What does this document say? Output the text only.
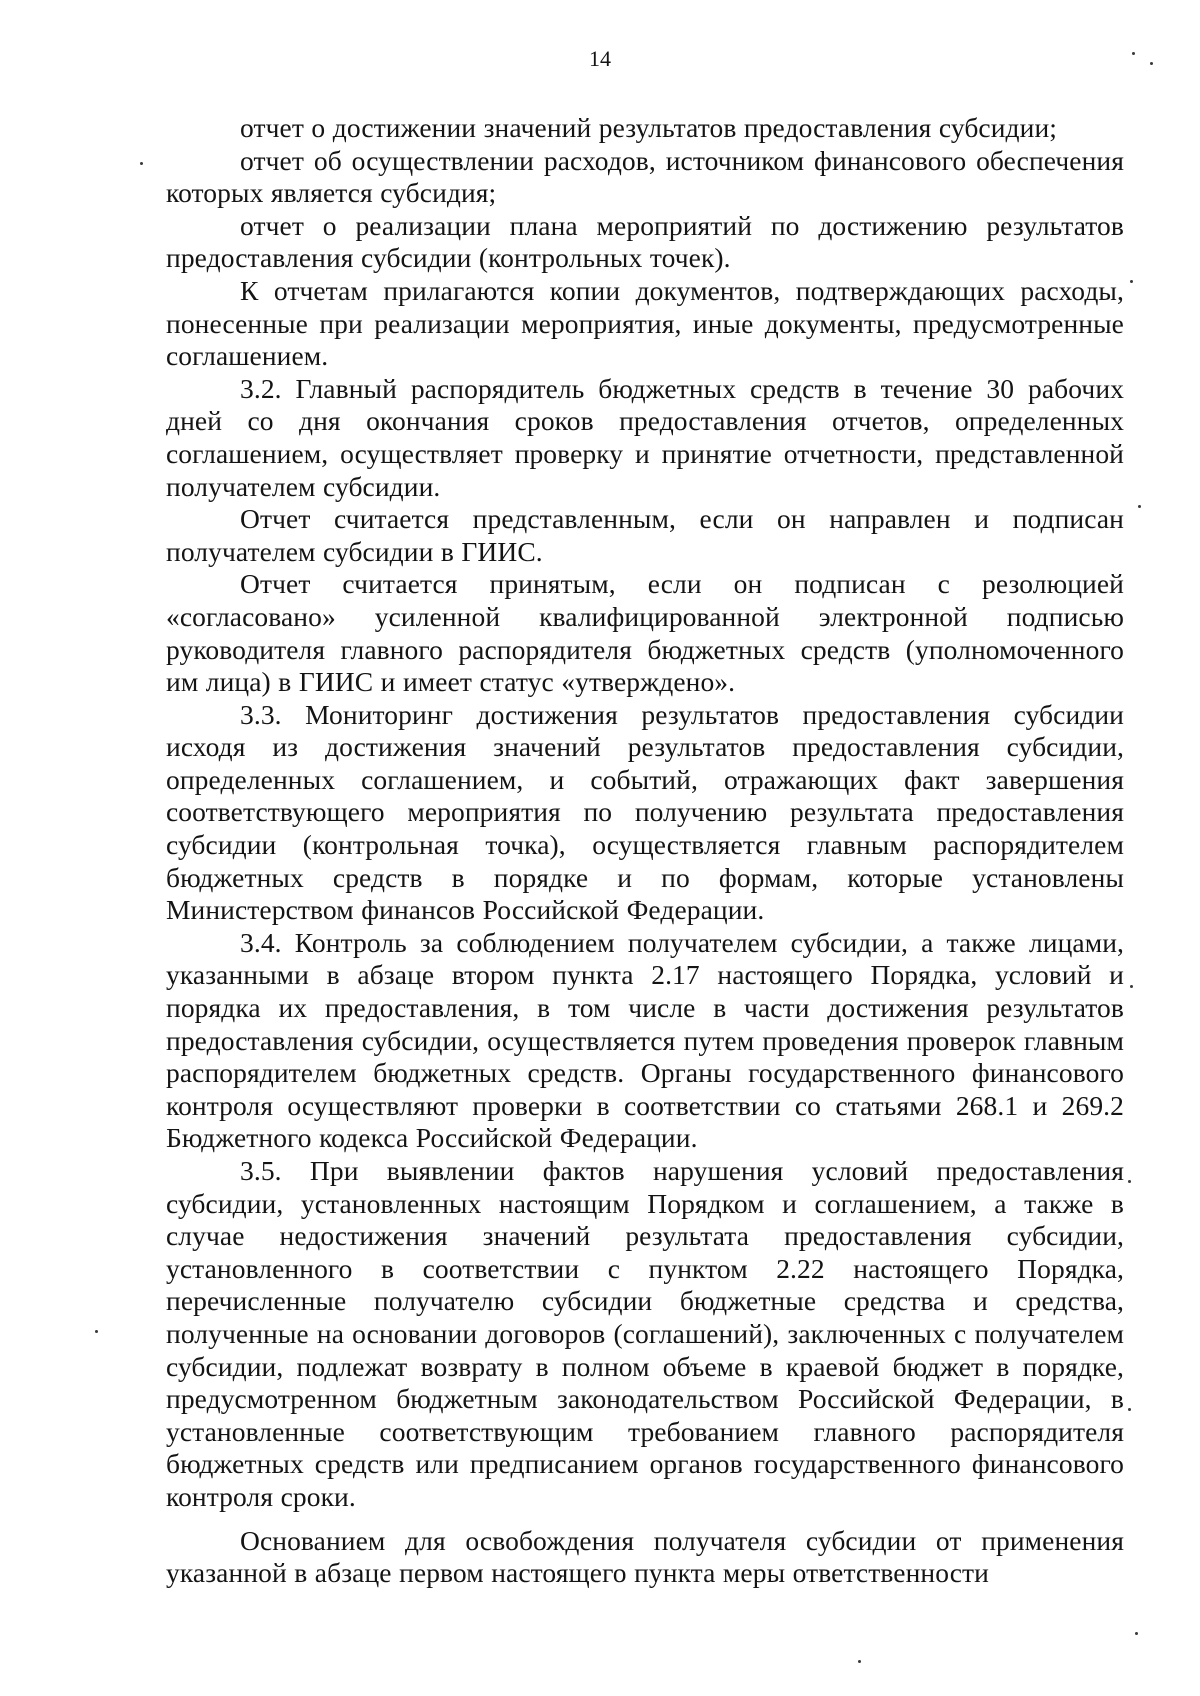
14

отчет о достижении значений результатов предоставления субсидии;

отчет об осуществлении расходов, источником финансового обеспечения которых является субсидия;

отчет о реализации плана мероприятий по достижению результатов предоставления субсидии (контрольных точек).

К отчетам прилагаются копии документов, подтверждающих расходы, понесенные при реализации мероприятия, иные документы, предусмотренные соглашением.

3.2. Главный распорядитель бюджетных средств в течение 30 рабочих дней со дня окончания сроков предоставления отчетов, определенных соглашением, осуществляет проверку и принятие отчетности, представленной получателем субсидии.

Отчет считается представленным, если он направлен и подписан получателем субсидии в ГИИС.

Отчет считается принятым, если он подписан с резолюцией «согласовано» усиленной квалифицированной электронной подписью руководителя главного распорядителя бюджетных средств (уполномоченного им лица) в ГИИС и имеет статус «утверждено».

3.3. Мониторинг достижения результатов предоставления субсидии исходя из достижения значений результатов предоставления субсидии, определенных соглашением, и событий, отражающих факт завершения соответствующего мероприятия по получению результата предоставления субсидии (контрольная точка), осуществляется главным распорядителем бюджетных средств в порядке и по формам, которые установлены Министерством финансов Российской Федерации.

3.4. Контроль за соблюдением получателем субсидии, а также лицами, указанными в абзаце втором пункта 2.17 настоящего Порядка, условий и порядка их предоставления, в том числе в части достижения результатов предоставления субсидии, осуществляется путем проведения проверок главным распорядителем бюджетных средств. Органы государственного финансового контроля осуществляют проверки в соответствии со статьями 268.1 и 269.2 Бюджетного кодекса Российской Федерации.

3.5. При выявлении фактов нарушения условий предоставления субсидии, установленных настоящим Порядком и соглашением, а также в случае недостижения значений результата предоставления субсидии, установленного в соответствии с пунктом 2.22 настоящего Порядка, перечисленные получателю субсидии бюджетные средства и средства, полученные на основании договоров (соглашений), заключенных с получателем субсидии, подлежат возврату в полном объеме в краевой бюджет в порядке, предусмотренном бюджетным законодательством Российской Федерации, в установленные соответствующим требованием главного распорядителя бюджетных средств или предписанием органов государственного финансового контроля сроки.

Основанием для освобождения получателя субсидии от применения указанной в абзаце первом настоящего пункта меры ответственности
